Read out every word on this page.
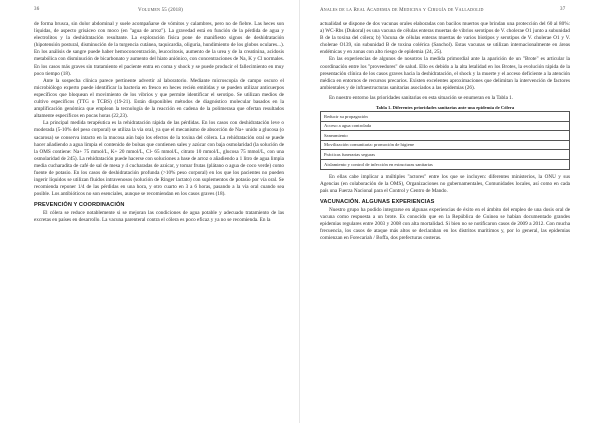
36	Volumen 55 (2018)

de forma brusca, sin dolor abdominal y suele acompañarse de vómitos y calambres, pero no de fiebre. Las heces son líquidas, de aspecto grisáceo con moco (en "agua de arroz"). La gravedad está en función de la pérdida de agua y electrolitos y la deshidratación resultante. La exploración física pone de manifiesto signos de deshidratación (hipotensión postural, disminución de la turgencia cutánea, taquicardia, oliguria, hundimiento de los globos oculares...). En los análisis de sangre puede haber hemoconcentración, leucocitosis, aumento de la urea y de la creatinina, acidosis metabólica con disminución de bicarbonato y aumento del hiato aniónico, con concentraciones de Na, K y Cl normales. En los casos más graves sin tratamiento el paciente entra en coma y shock y se puede producir el fallecimiento en muy poco tiempo (18).

Ante la sospecha clínica parece pertinente advertir al laboratorio. Mediante microscopía de campo oscuro el microbiólogo experto puede identificar la bacteria en fresco en heces recién emitidas y se pueden utilizar anticuerpos específicos que bloquean el movimiento de los vibrios y que permite identificar el serotipo. Se utilizan medios de cultivo específicos (TTG o TCBS) (19-21). Están disponibles métodos de diagnóstico molecular basados en la amplificación genómica que emplean la tecnología de la reacción en cadena de la polimerasa que ofertan resultados altamente específicos en pocas horas (22,23).

La principal medida terapéutica es la rehidratación rápida de las pérdidas. En los casos con deshidratación leve o moderada (5-10% del peso corporal) se utiliza la vía oral, ya que el mecanismo de absorción de Na+ unido a glucosa (o sacarosa) se conserva intacto en la mucosa aún bajo los efectos de la toxina del cólera. La rehidratación oral se puede hacer añadiendo a agua limpia el contenido de bolsas que contienen sales y azúcar con baja osmolaridad (la solución de la OMS contiene: Na+ 75 mmol/L, K+ 20 mmol/L, Cl- 65 mmol/L, citrato 10 mmol/L, glucosa 75 mmol/L, con una osmolaridad de 245). La rehidratación puede hacerse con soluciones a base de arroz o añadiendo a 1 litro de agua limpia media cucharadita de café de sal de mesa y 4 cucharadas de azúcar, y tomar frutas (plátano o agua de coco verde) como fuente de potasio. En los casos de deshidratación profunda (>10% peso corporal) en los que los pacientes no pueden ingerir líquidos se utilizan fluidos intravenosos (solución de Ringer lactato) con suplementos de potasio por vía oral. Se recomienda reponer 1/4 de las pérdidas en una hora, y otro cuarto en 3 a 6 horas, pasando a la vía oral cuando sea posible. Los antibióticos no son esenciales, aunque se recomiendan en los casos graves (18).

PREVENCIÓN Y COORDINACIÓN

El cólera se reduce notablemente si se mejoran las condiciones de agua potable y adecuado tratamiento de las excretas en países en desarrollo. La vacuna parenteral contra el cólera es poco eficaz y ya no se recomienda. En la

Anales de la Real Academia de Medicina y Cirugía de Valladolid	37

actualidad se dispone de dos vacunas orales elaboradas con bacilos muertos que brindan una protección del 60 al 80%: a) WC-Rbs (Dukoral) es una vacuna de células enteras muertas de vibrios serotipos de V. cholerae O1 junto a subunidad B de la toxina del cólera; b) Vacuna de células enteras muertas de varios biotipos y serotipos de V. cholerae O1 y V. cholerae O139, sin subunidad B de toxina colérica (Sanchol). Estas vacunas se utilizan internacionalmente en áreas endémicas y en zonas con alto riesgo de epidemia (24, 25).

En las experiencias de algunos de nosotros la medida primordial ante la aparición de un "Brote" es articular la coordinación entre los "proveedores" de salud. Ello es debido a la alta letalidad en los Brotes, la evolución rápida de la presentación clínica de los casos graves hacia la deshidratación, el shock y la muerte y el acceso deficiente a la atención médica en entornos de recursos precarios. Existen excelentes aproximaciones que delimitan la intervención de factores ambientales y de infraestructuras sanitarias asociados a las epidemias (26).

En nuestro entorno las prioridades sanitarias en esta situación se enumeran en la Tabla 1.

Tabla 1. Diferentes prioridades sanitarias ante una epidemia de Cólera
Reducir su propagación
Acceso a agua controlada
Saneamiento
Movilización comunitaria: promoción de higiene
Prácticas funerarias seguras
Aislamiento y control de infección en estructuras sanitarias

En ellas cabe implicar a múltiples "actores" entre los que se incluyen: diferentes ministerios, la ONU y sus Agencias (en colaboración de la OMS), Organizaciones no gubernamentales, Comunidades locales, así como en cada país una Fuerza Nacional para el Control y Centro de Mando.

VACUNACIÓN. ALGUNAS EXPERIENCIAS

Nuestro grupo ha podido integrarse en algunas experiencias de éxito en el ámbito del empleo de una dosis oral de vacuna como respuesta a un brote. Es conocido que en la República de Guinea se habían documentado grandes epidemias regulares entre 2003 y 2008 con alta mortalidad. Si bien no se notificaron casos de 2009 a 2012. Con mucha frecuencia, los casos de ataque más altos se declaraban en los distritos marítimos y, por lo general, las epidemias comienzan en Forecariah / Boffa, dos prefecturas costeras.
